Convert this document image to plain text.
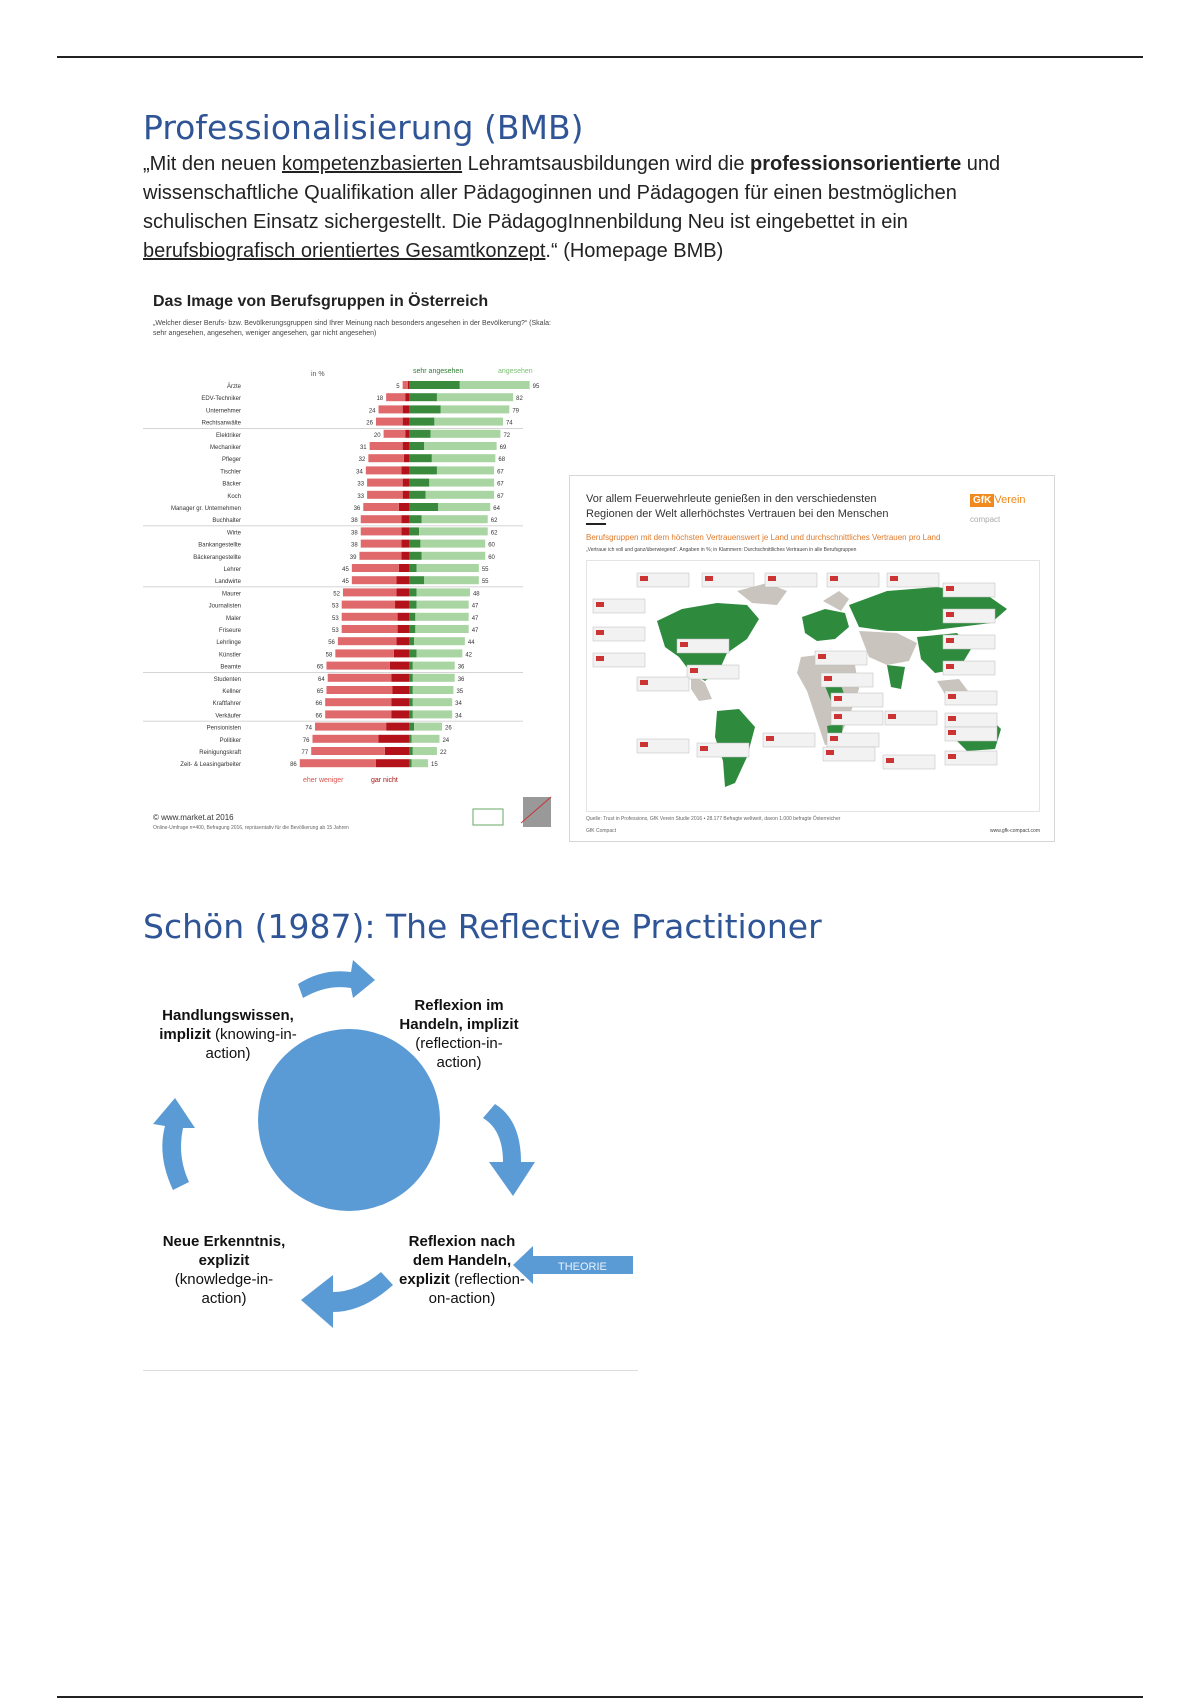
Professionalisierung (BMB)

„Mit den neuen kompetenzbasierten Lehramtsausbildungen wird die professionsorientierte und wissenschaftliche Qualifikation aller Pädagoginnen und Pädagogen für einen bestmöglichen schulischen Einsatz sichergestellt. Die PädagogInnenbildung Neu ist eingebettet in ein berufsbiografisch orientiertes Gesamtkonzept.“ (Homepage BMB)

Das Image von Berufsgruppen in Österreich
„Welcher dieser Berufs- bzw. Bevölkerungsgruppen sind Ihrer Meinung nach besonders angesehen in der Bevölkerung?“ (Skala: sehr angesehen, angesehen, weniger angesehen, gar nicht angesehen)
in %	sehr angesehen	angesehen
eher weniger	gar nicht
Ärzte	5	95
EDV-Techniker	18	82
Unternehmer	24	79
Rechtsanwälte	26	74
Elektriker	20	72
Mechaniker	31	69
Pfleger	32	68
Tischler	34	67
Bäcker	33	67
Koch	33	67
Manager gr. Unternehmen	36	64
Buchhalter	38	62
Wirte	38	62
Bankangestellte	38	60
Bäckerangestellte	39	60
Lehrer	45	55
Landwirte	45	55
Maurer	52	48
Journalisten	53	47
Maler	53	47
Friseure	53	47
Lehrlinge	56	44
Künstler	58	42
Beamte	65	36
Studenten	64	36
Kellner	65	35
Kraftfahrer	66	34
Verkäufer	66	34
Pensionisten	74	26
Politiker	76	24
Reinigungskraft	77	22
Zeit- & Leasingarbeiter	86	15
© www.market.at 2016
Online-Umfrage n=400, Befragung 2016, repräsentativ für die Bevölkerung ab 15 Jahren
Vor allem Feuerwehrleute genießen in den verschiedensten Regionen der Welt allerhöchstes Vertrauen bei den Menschen
GfK Verein
compact
Berufsgruppen mit dem höchsten Vertrauenswert je Land und durchschnittliches Vertrauen pro Land
„Vertraue ich voll und ganz/überwiegend“. Angaben in %; in Klammern: Durchschnittliches Vertrauen in alle Berufsgruppen
Quelle: Trust in Professions, GfK Verein Studie 2016 • 28.177 Befragte weltweit, davon 1.000 befragte Österreicher
GfK Compact	www.gfk-compact.com
Schön (1987): The Reflective Practitioner
THEORIE
Handlungswissen, implizit (knowing-in-action)
Reflexion im Handeln, implizit
(reflection-in-action)
Neue Erkenntnis, explizit
(knowledge-in-action)
Reflexion nach dem Handeln, explizit (reflection-on-action)
